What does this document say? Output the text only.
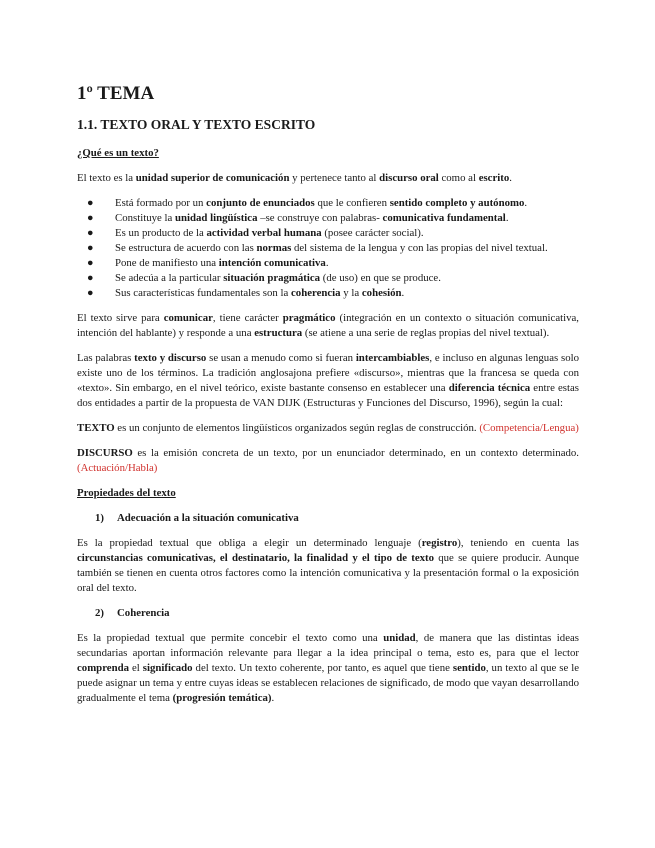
1º TEMA
1.1. TEXTO ORAL Y TEXTO ESCRITO
¿Qué es un texto?

El texto es la unidad superior de comunicación y pertenece tanto al discurso oral como al escrito.

● Está formado por un conjunto de enunciados que le confieren sentido completo y autónomo.
● Constituye la unidad lingüística –se construye con palabras- comunicativa fundamental.
● Es un producto de la actividad verbal humana (posee carácter social).
● Se estructura de acuerdo con las normas del sistema de la lengua y con las propias del nivel textual.
● Pone de manifiesto una intención comunicativa.
● Se adecúa a la particular situación pragmática (de uso) en que se produce.
● Sus características fundamentales son la coherencia y la cohesión.

El texto sirve para comunicar, tiene carácter pragmático (integración en un contexto o situación comunicativa, intención del hablante) y responde a una estructura (se atiene a una serie de reglas propias del nivel textual).

Las palabras texto y discurso se usan a menudo como si fueran intercambiables, e incluso en algunas lenguas solo existe uno de los términos. La tradición anglosajona prefiere «discurso», mientras que la francesa se queda con «texto». Sin embargo, en el nivel teórico, existe bastante consenso en establecer una diferencia técnica entre estas dos entidades a partir de la propuesta de VAN DIJK (Estructuras y Funciones del Discurso, 1996), según la cual:

TEXTO es un conjunto de elementos lingüísticos organizados según reglas de construcción. (Competencia/Lengua)

DISCURSO es la emisión concreta de un texto, por un enunciador determinado, en un contexto determinado. (Actuación/Habla)

Propiedades del texto
1) Adecuación a la situación comunicativa

Es la propiedad textual que obliga a elegir un determinado lenguaje (registro), teniendo en cuenta las circunstancias comunicativas, el destinatario, la finalidad y el tipo de texto que se quiere producir. Aunque también se tienen en cuenta otros factores como la intención comunicativa y la presentación formal o la exposición oral del texto.

2) Coherencia

Es la propiedad textual que permite concebir el texto como una unidad, de manera que las distintas ideas secundarias aportan información relevante para llegar a la idea principal o tema, esto es, para que el lector comprenda el significado del texto. Un texto coherente, por tanto, es aquel que tiene sentido, un texto al que se le puede asignar un tema y entre cuyas ideas se establecen relaciones de significado, de modo que vayan desarrollando gradualmente el tema (progresión temática).
